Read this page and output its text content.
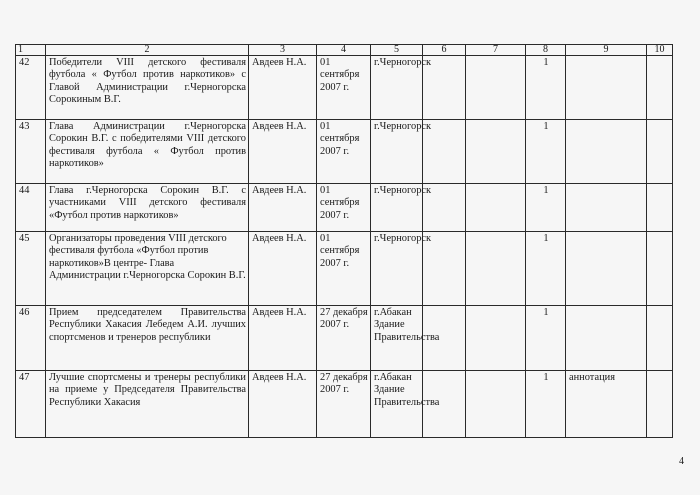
1	2	3	4	5	6	7	8	9	10
42	Победители VIII детского фестиваля футбола « Футбол против наркотиков» с Главой Администрации г.Черногорска Сорокиным В.Г.	Авдеев Н.А.	01 сентября 2007 г.	г.Черногорск			1		
43	Глава Администрации г.Черногорска Сорокин В.Г. с победителями VIII детского фестиваля футбола « Футбол против наркотиков»	Авдеев Н.А.	01 сентября 2007 г.	г.Черногорск			1		
44	Глава г.Черногорска Сорокин В.Г. с участниками VIII детского фестиваля «Футбол против наркотиков»	Авдеев Н.А.	01 сентября 2007 г.	г.Черногорск			1		
45	Организаторы проведения VIII детского фестиваля футбола «Футбол против наркотиков»В центре- Глава Администрации г.Черногорска Сорокин В.Г.	Авдеев Н.А.	01 сентября 2007 г.	г.Черногорск			1		
46	Прием председателем Правительства Республики Хакасия Лебедем А.И. лучших спортсменов и тренеров республики	Авдеев Н.А.	27 декабря 2007 г.	г.Абакан Здание Правительства			1		
47	Лучшие спортсмены и тренеры республики на приеме у Председателя Правительства Республики Хакасия	Авдеев Н.А.	27 декабря 2007 г.	г.Абакан Здание Правительства			1	аннотация	
4
